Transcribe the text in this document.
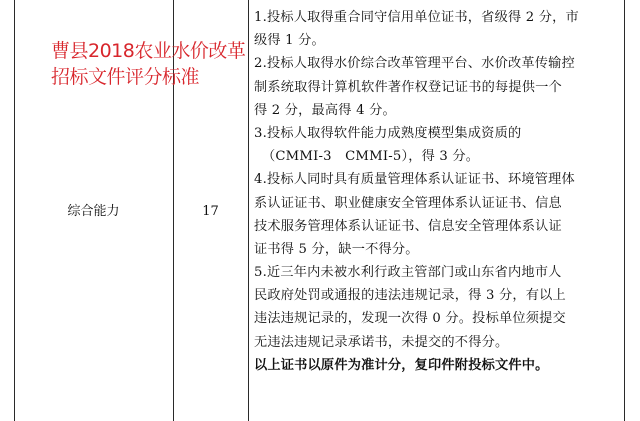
曹县2018农业水价改革
招标文件评分标准
综合能力	17
1.投标人取得重合同守信用单位证书，省级得 2 分，市
级得 1 分。
2.投标人取得水价综合改革管理平台、水价改革传输控
制系统取得计算机软件著作权登记证书的每提供一个
得 2 分，最高得 4 分。
3.投标人取得软件能力成熟度模型集成资质的
（CMMI-3　CMMI-5），得 3 分。
4.投标人同时具有质量管理体系认证证书、环境管理体
系认证证书、职业健康安全管理体系认证证书、信息
技术服务管理体系认证证书、信息安全管理体系认证
证书得 5 分，缺一不得分。
5.近三年内未被水利行政主管部门或山东省内地市人
民政府处罚或通报的违法违规记录，得 3 分，有以上
违法违规记录的，发现一次得 0 分。投标单位须提交
无违法违规记录承诺书，未提交的不得分。
以上证书以原件为准计分，复印件附投标文件中。
